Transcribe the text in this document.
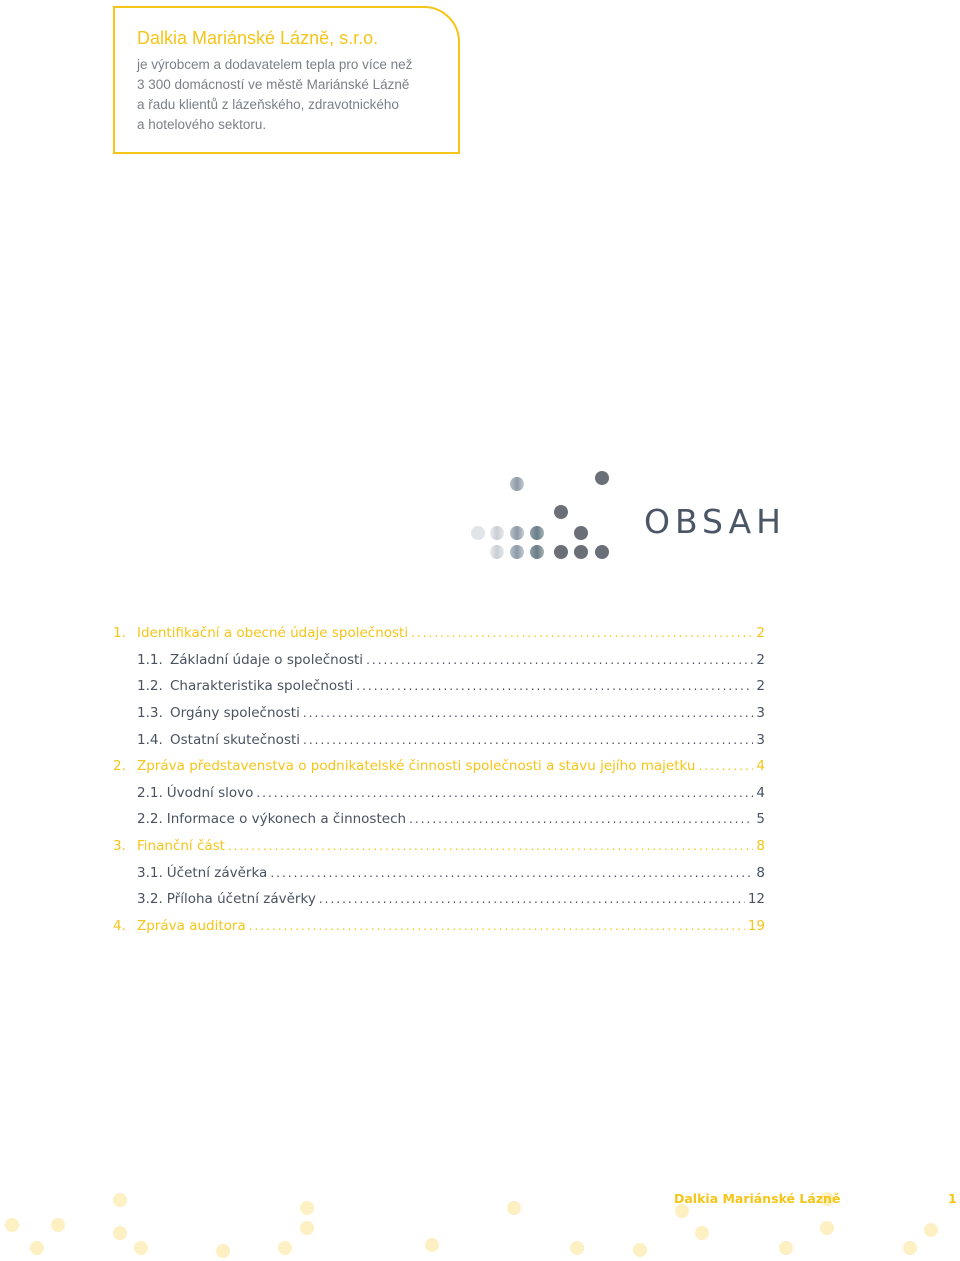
Dalkia Mariánské Lázně, s.r.o.
je výrobcem a dodavatelem tepla pro více než
3 300 domácností ve městě Mariánské Lázně
a řadu klientů z lázeňského, zdravotnického
a hotelového sektoru.
OBSAH
1. Identifikační a obecné údaje společnosti .....	2
1.1. Základní údaje o společnosti .....	2
1.2. Charakteristika společnosti .....	2
1.3. Orgány společnosti .....	3
1.4. Ostatní skutečnosti .....	3
2. Zpráva představenstva o podnikatelské činnosti společnosti a stavu jejího majetku .....	4
2.1. Úvodní slovo .....	4
2.2. Informace o výkonech a činnostech .....	5
3. Finanční část .....	8
3.1. Účetní závěrka .....	8
3.2. Příloha účetní závěrky .....	12
4. Zpráva auditora .....	19
Dalkia Mariánské Lázně	1
